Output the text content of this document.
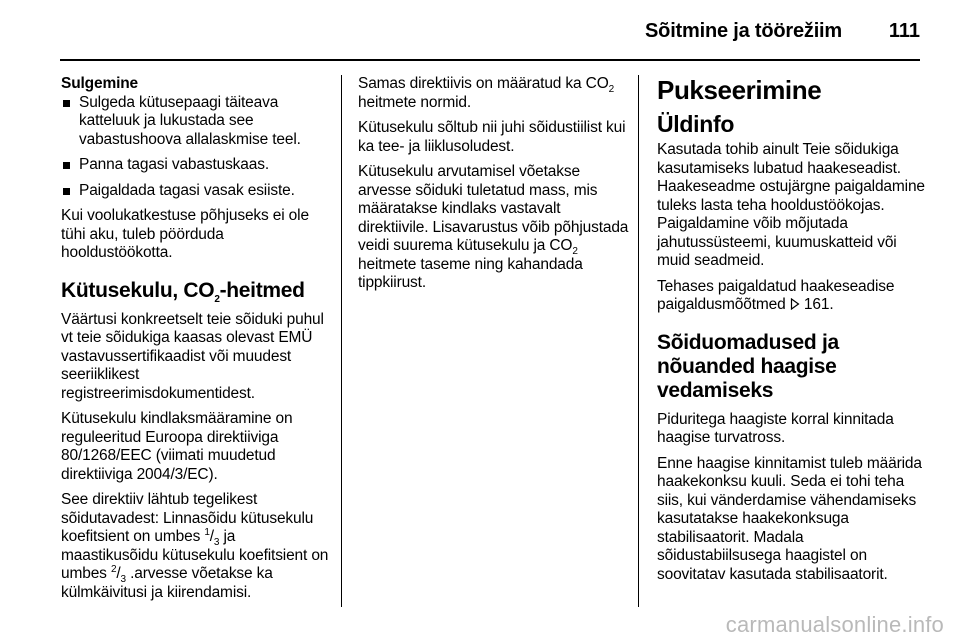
Sõitmine ja töörežiim 111
Sulgemine
Sulgeda kütusepaagi täiteava katteluuk ja lukustada see vabastushoova allalaskmise teel.
Panna tagasi vabastuskaas.
Paigaldada tagasi vasak esiiste.

Kui voolukatkestuse põhjuseks ei ole tühi aku, tuleb pöörduda hooldustöökotta.

Kütusekulu, $CO_2$-heitmed

Väärtusi konkreetselt teie sõiduki puhul vt teie sõidukiga kaasas olevast EMÜ vastavussertifikaadist või muudest seeriiklikest registreerimisdokumentidest.

Kütusekulu kindlaksmääramine on reguleeritud Euroopa direktiiviga 80/1268/EEC (viimati muudetud direktiiviga 2004/3/EC).

See direktiiv lähtub tegelikest sõidutavadest: Linnasõidu kütusekulu koefitsient on umbes $^1/_3$ ja maastikusõidu kütusekulu koefitsient on umbes $^2/_3$ .arvesse võetakse ka külmkäivitusi ja kiirendamisi.

Samas direktiivis on määratud ka $CO_2$ heitmete normid.

Kütusekulu sõltub nii juhi sõidustiilist kui ka tee- ja liiklusoludest.

Kütusekulu arvutamisel võetakse arvesse sõiduki tuletatud mass, mis määratakse kindlaks vastavalt direktiivile. Lisavarustus võib põhjustada veidi suurema kütusekulu ja $CO_2$ heitmete taseme ning kahandada tippkiirust.

Pukseerimine
Üldinfo

Kasutada tohib ainult Teie sõidukiga kasutamiseks lubatud haakeseadist. Haakeseadme ostujärgne paigaldamine tuleks lasta teha hooldustöökojas. Paigaldamine võib mõjutada jahutussüsteemi, kuumuskatteid või muid seadmeid.

Tehases paigaldatud haakeseadise paigaldusmõõtmed 161.

Sõiduomadused ja nõuanded haagise vedamiseks

Piduritega haagiste korral kinnitada haagise turvatross.

Enne haagise kinnitamist tuleb määrida haakekonksu kuuli. Seda ei tohi teha siis, kui vänderdamise vähendamiseks kasutatakse haakekonksuga stabilisaatorit. Madala sõidustabiilsusega haagistel on soovitatav kasutada stabilisaatorit.

carmanualsonline.info
